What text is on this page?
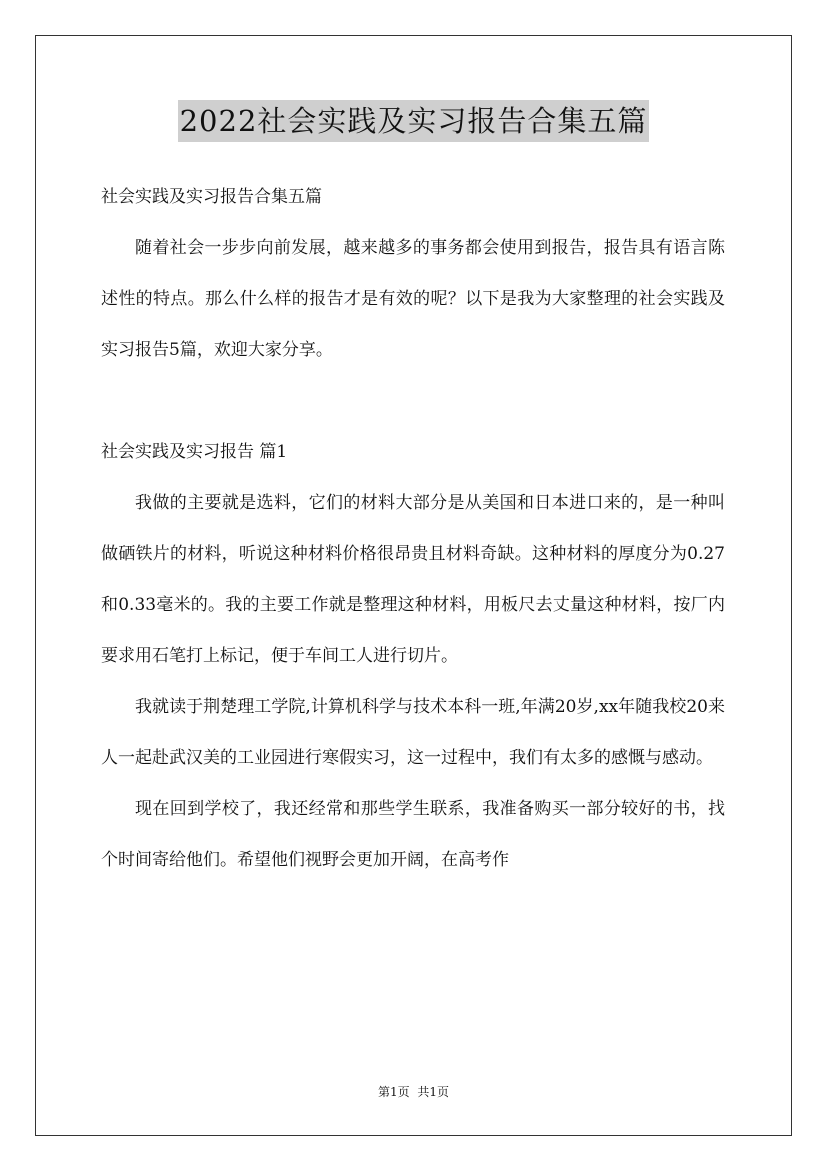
2022社会实践及实习报告合集五篇

社会实践及实习报告合集五篇

随着社会一步步向前发展，越来越多的事务都会使用到报告，报告具有语言陈述性的特点。那么什么样的报告才是有效的呢？以下是我为大家整理的社会实践及实习报告5篇，欢迎大家分享。

社会实践及实习报告 篇1

我做的主要就是选料，它们的材料大部分是从美国和日本进口来的，是一种叫做硒铁片的材料，听说这种材料价格很昂贵且材料奇缺。这种材料的厚度分为0.27和0.33毫米的。我的主要工作就是整理这种材料，用板尺去丈量这种材料，按厂内要求用石笔打上标记，便于车间工人进行切片。

我就读于荆楚理工学院,计算机科学与技术本科一班,年满20岁,xx年随我校20来人一起赴武汉美的工业园进行寒假实习，这一过程中，我们有太多的感慨与感动。

现在回到学校了，我还经常和那些学生联系，我准备购买一部分较好的书，找个时间寄给他们。希望他们视野会更加开阔，在高考作

第1页 共1页
